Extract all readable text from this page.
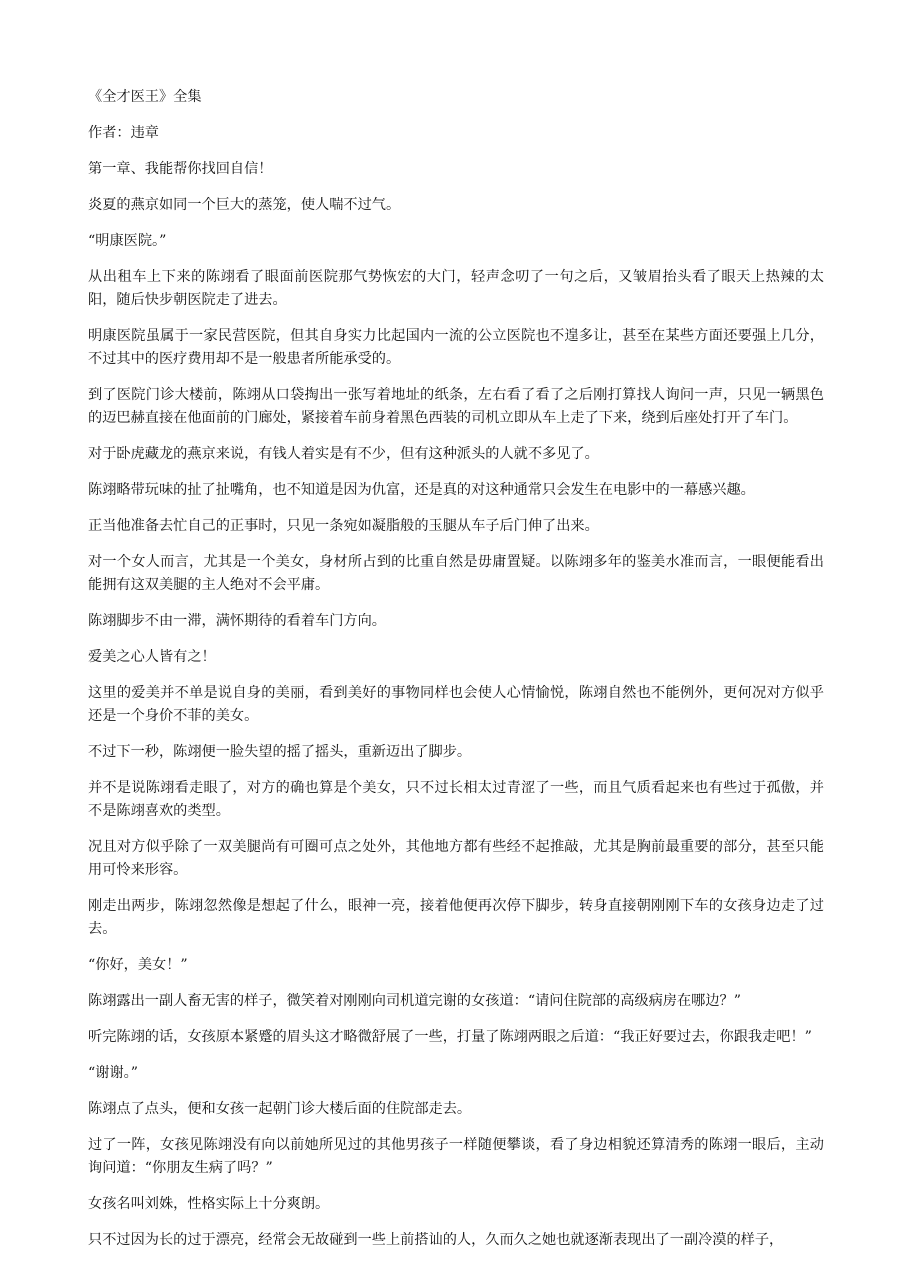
《全才医王》全集

作者：违章

第一章、我能帮你找回自信！

炎夏的燕京如同一个巨大的蒸笼，使人喘不过气。

“明康医院。”

从出租车上下来的陈翊看了眼面前医院那气势恢宏的大门，轻声念叨了一句之后，又皱眉抬头看了眼天上热辣的太阳，随后快步朝医院走了进去。

明康医院虽属于一家民营医院，但其自身实力比起国内一流的公立医院也不遑多让，甚至在某些方面还要强上几分，不过其中的医疗费用却不是一般患者所能承受的。

到了医院门诊大楼前，陈翊从口袋掏出一张写着地址的纸条，左右看了看了之后刚打算找人询问一声，只见一辆黑色的迈巴赫直接在他面前的门廊处，紧接着车前身着黑色西装的司机立即从车上走了下来，绕到后座处打开了车门。

对于卧虎藏龙的燕京来说，有钱人着实是有不少，但有这种派头的人就不多见了。

陈翊略带玩味的扯了扯嘴角，也不知道是因为仇富，还是真的对这种通常只会发生在电影中的一幕感兴趣。

正当他准备去忙自己的正事时，只见一条宛如凝脂般的玉腿从车子后门伸了出来。

对一个女人而言，尤其是一个美女，身材所占到的比重自然是毋庸置疑。以陈翊多年的鉴美水准而言，一眼便能看出能拥有这双美腿的主人绝对不会平庸。

陈翊脚步不由一滞，满怀期待的看着车门方向。

爱美之心人皆有之！

这里的爱美并不单是说自身的美丽，看到美好的事物同样也会使人心情愉悦，陈翊自然也不能例外，更何况对方似乎还是一个身价不菲的美女。

不过下一秒，陈翊便一脸失望的摇了摇头，重新迈出了脚步。

并不是说陈翊看走眼了，对方的确也算是个美女，只不过长相太过青涩了一些，而且气质看起来也有些过于孤傲，并不是陈翊喜欢的类型。

况且对方似乎除了一双美腿尚有可圈可点之处外，其他地方都有些经不起推敲，尤其是胸前最重要的部分，甚至只能用可怜来形容。

刚走出两步，陈翊忽然像是想起了什么，眼神一亮，接着他便再次停下脚步，转身直接朝刚刚下车的女孩身边走了过去。

“你好，美女！”

陈翊露出一副人畜无害的样子，微笑着对刚刚向司机道完谢的女孩道：“请问住院部的高级病房在哪边？”

听完陈翊的话，女孩原本紧蹙的眉头这才略微舒展了一些，打量了陈翊两眼之后道：“我正好要过去，你跟我走吧！”

“谢谢。”

陈翊点了点头，便和女孩一起朝门诊大楼后面的住院部走去。

过了一阵，女孩见陈翊没有向以前她所见过的其他男孩子一样随便攀谈，看了身边相貌还算清秀的陈翊一眼后，主动询问道：“你朋友生病了吗？”

女孩名叫刘姝，性格实际上十分爽朗。

只不过因为长的过于漂亮，经常会无故碰到一些上前搭讪的人，久而久之她也就逐渐表现出了一副冷漠的样子，
